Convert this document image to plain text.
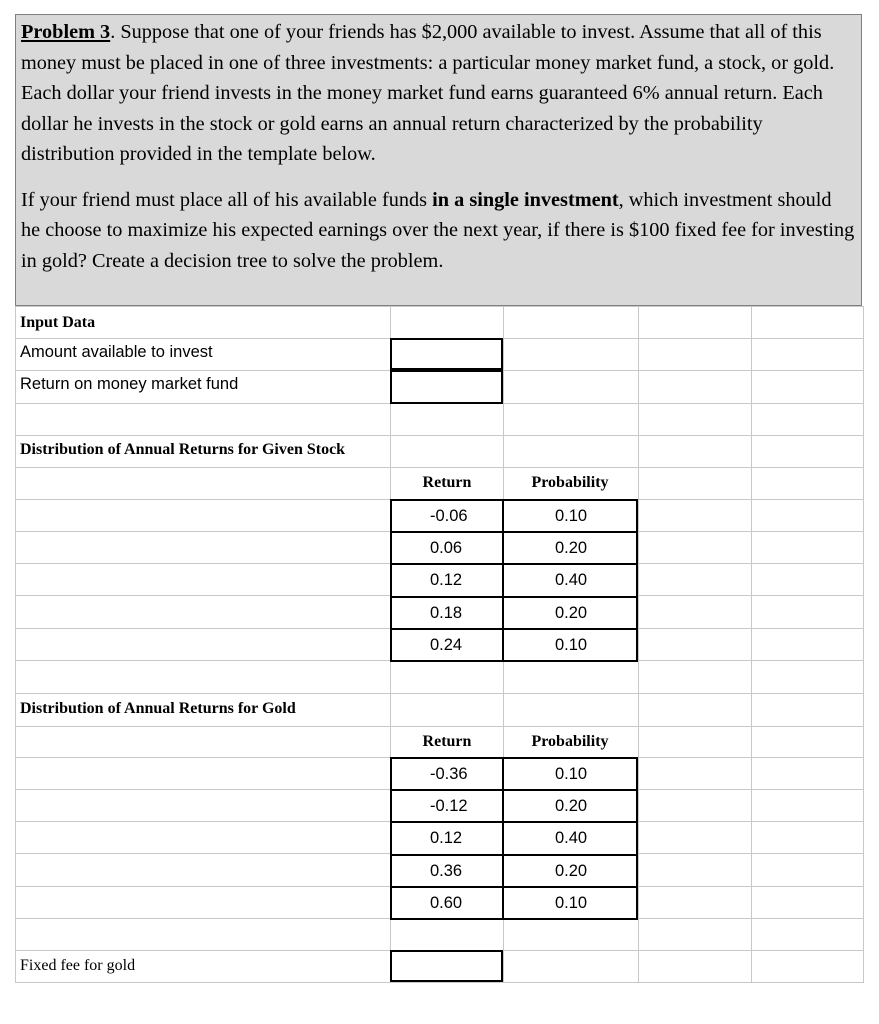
Problem 3. Suppose that one of your friends has $2,000 available to invest. Assume that all of this money must be placed in one of three investments: a particular money market fund, a stock, or gold. Each dollar your friend invests in the money market fund earns guaranteed 6% annual return. Each dollar he invests in the stock or gold earns an annual return characterized by the probability distribution provided in the template below.

If your friend must place all of his available funds in a single investment, which investment should he choose to maximize his expected earnings over the next year, if there is $100 fixed fee for investing in gold? Create a decision tree to solve the problem.

Input Data
Amount available to invest
Return on money market fund
Distribution of Annual Returns for Given Stock
Return	Probability
-0.06	0.10
0.06	0.20
0.12	0.40
0.18	0.20
0.24	0.10
Distribution of Annual Returns for Gold
Return	Probability
-0.36	0.10
-0.12	0.20
0.12	0.40
0.36	0.20
0.60	0.10
Fixed fee for gold
